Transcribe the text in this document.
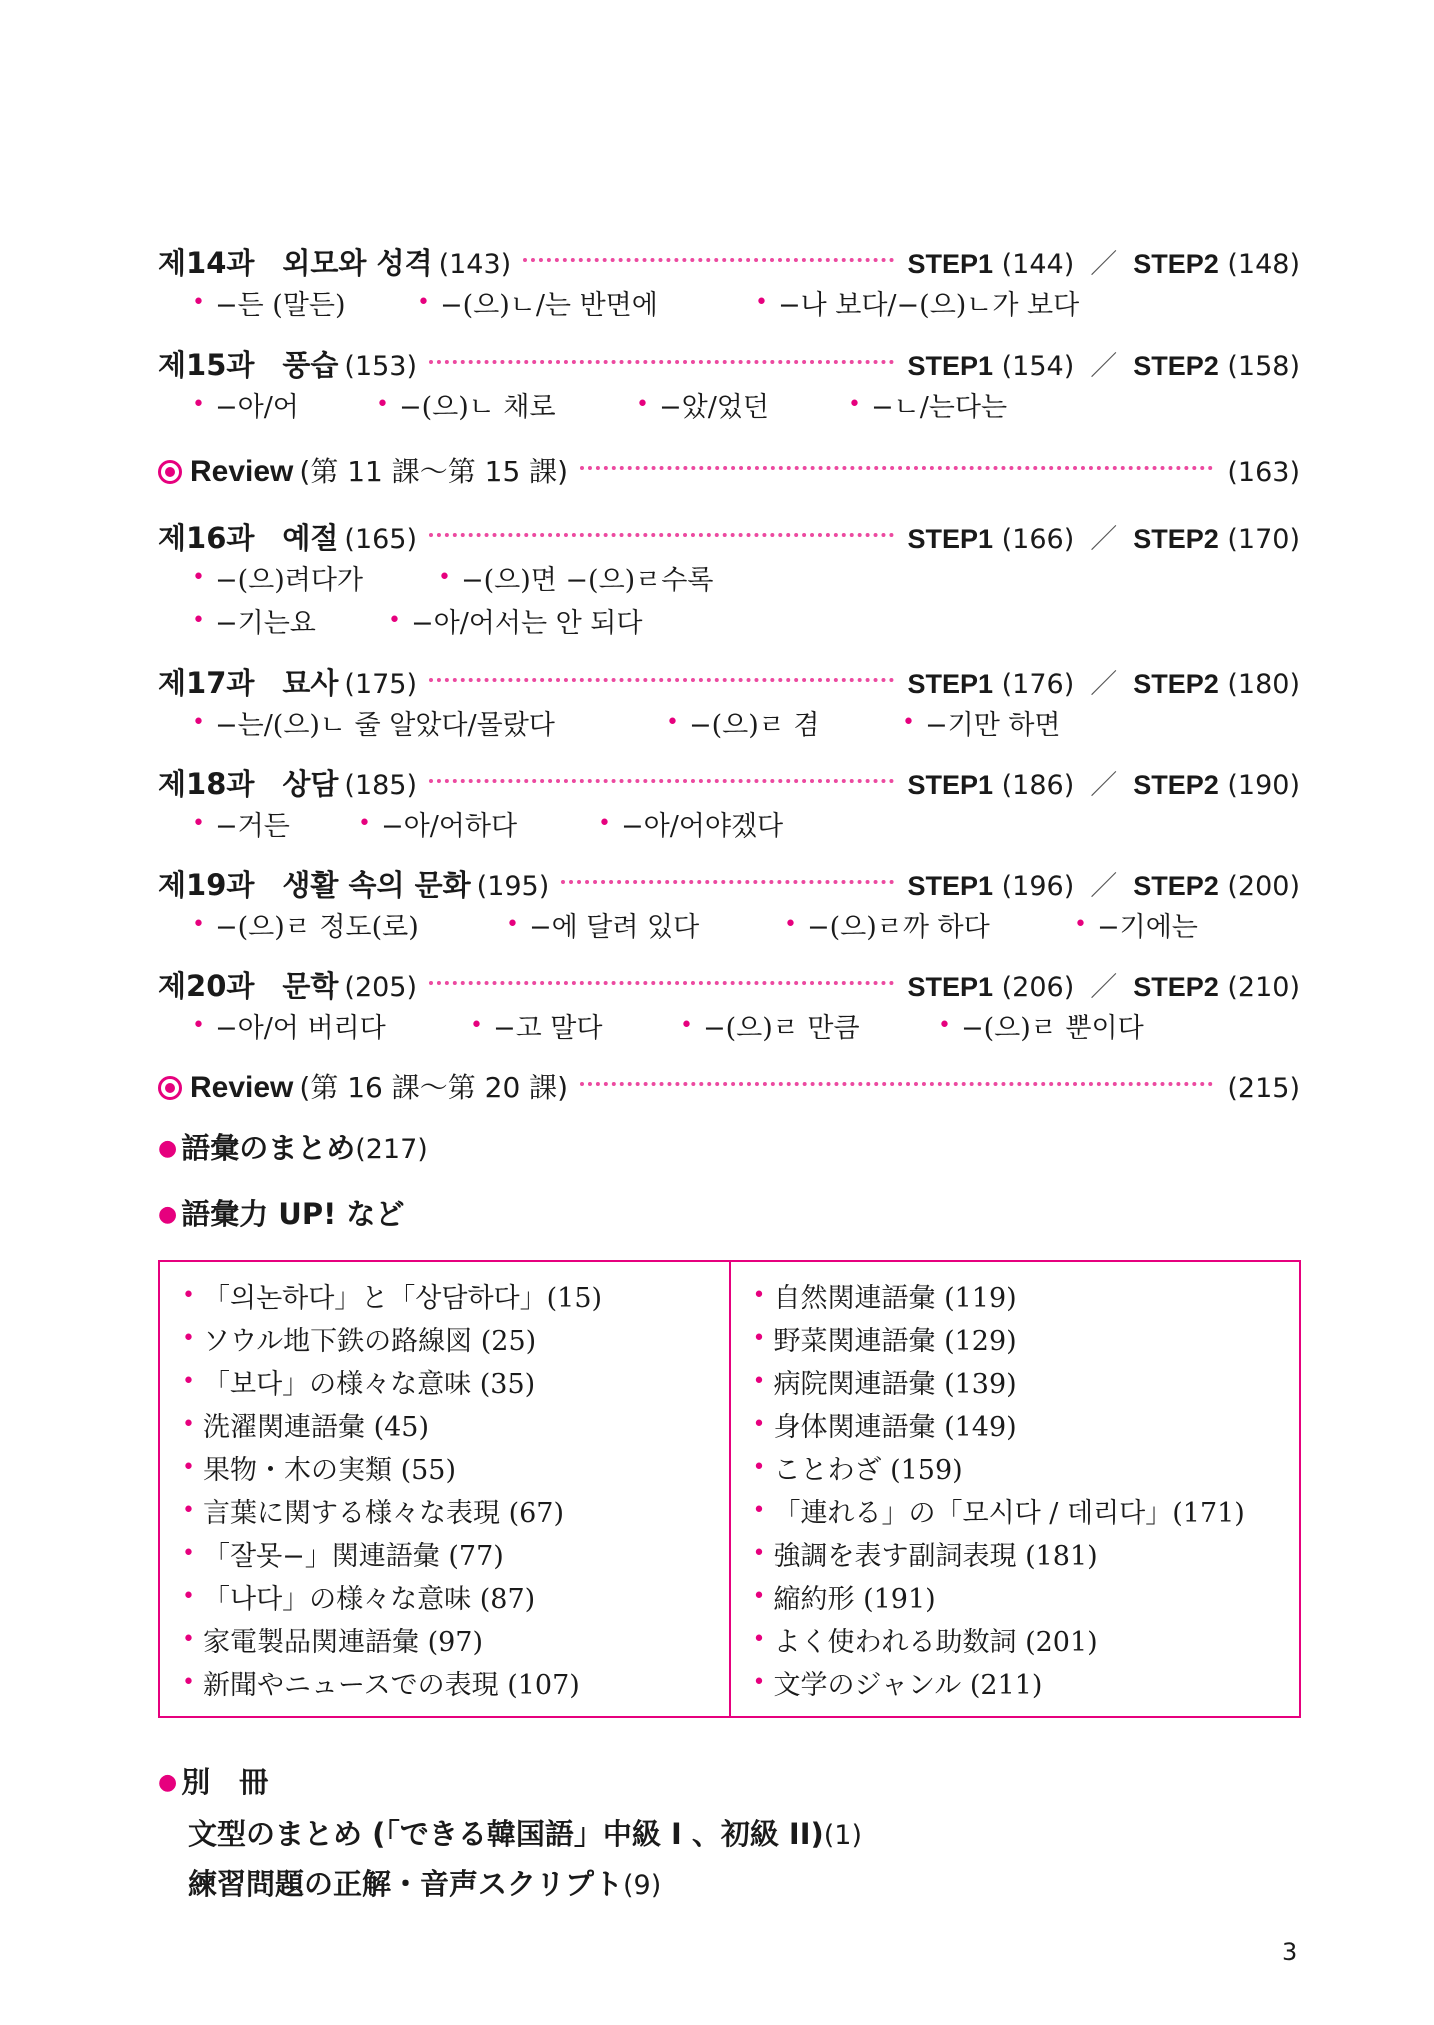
제14과 외모와 성격 (143)	STEP1 (144) ／ STEP2 (148)
• −든 (말든)	• −(으)ㄴ/는 반면에	• −나 보다/−(으)ㄴ가 보다
제15과 풍습 (153)	STEP1 (154) ／ STEP2 (158)
• −아/어	• −(으)ㄴ 채로	• −았/었던	• −ㄴ/는다는
Review (第 11 課〜第 15 課)	(163)
제16과 예절 (165)	STEP1 (166) ／ STEP2 (170)
• −(으)려다가	• −(으)면 −(으)ㄹ수록
• −기는요	• −아/어서는 안 되다
제17과 묘사 (175)	STEP1 (176) ／ STEP2 (180)
• −는/(으)ㄴ 줄 알았다/몰랐다	• −(으)ㄹ 겸	• −기만 하면
제18과 상담 (185)	STEP1 (186) ／ STEP2 (190)
• −거든	• −아/어하다	• −아/어야겠다
제19과 생활 속의 문화 (195)	STEP1 (196) ／ STEP2 (200)
• −(으)ㄹ 정도(로)	• −에 달려 있다	• −(으)ㄹ까 하다	• −기에는
제20과 문학 (205)	STEP1 (206) ／ STEP2 (210)
• −아/어 버리다	• −고 말다	• −(으)ㄹ 만큼	• −(으)ㄹ 뿐이다
Review (第 16 課〜第 20 課)	(215)
● 語彙のまとめ(217)
● 語彙力 UP! など
• 「의논하다」と「상담하다」(15)
• ソウル地下鉄の路線図 (25)
• 「보다」の様々な意味 (35)
• 洗濯関連語彙 (45)
• 果物・木の実類 (55)
• 言葉に関する様々な表現 (67)
• 「잘못−」関連語彙 (77)
• 「나다」の様々な意味 (87)
• 家電製品関連語彙 (97)
• 新聞やニュースでの表現 (107)
• 自然関連語彙 (119)
• 野菜関連語彙 (129)
• 病院関連語彙 (139)
• 身体関連語彙 (149)
• ことわざ (159)
• 「連れる」の「모시다 / 데리다」(171)
• 強調を表す副詞表現 (181)
• 縮約形 (191)
• よく使われる助数詞 (201)
• 文学のジャンル (211)
● 別　冊
文型のまとめ (「できる韓国語」中級 I 、初級 II)(1)
練習問題の正解・音声スクリプト(9)
3
